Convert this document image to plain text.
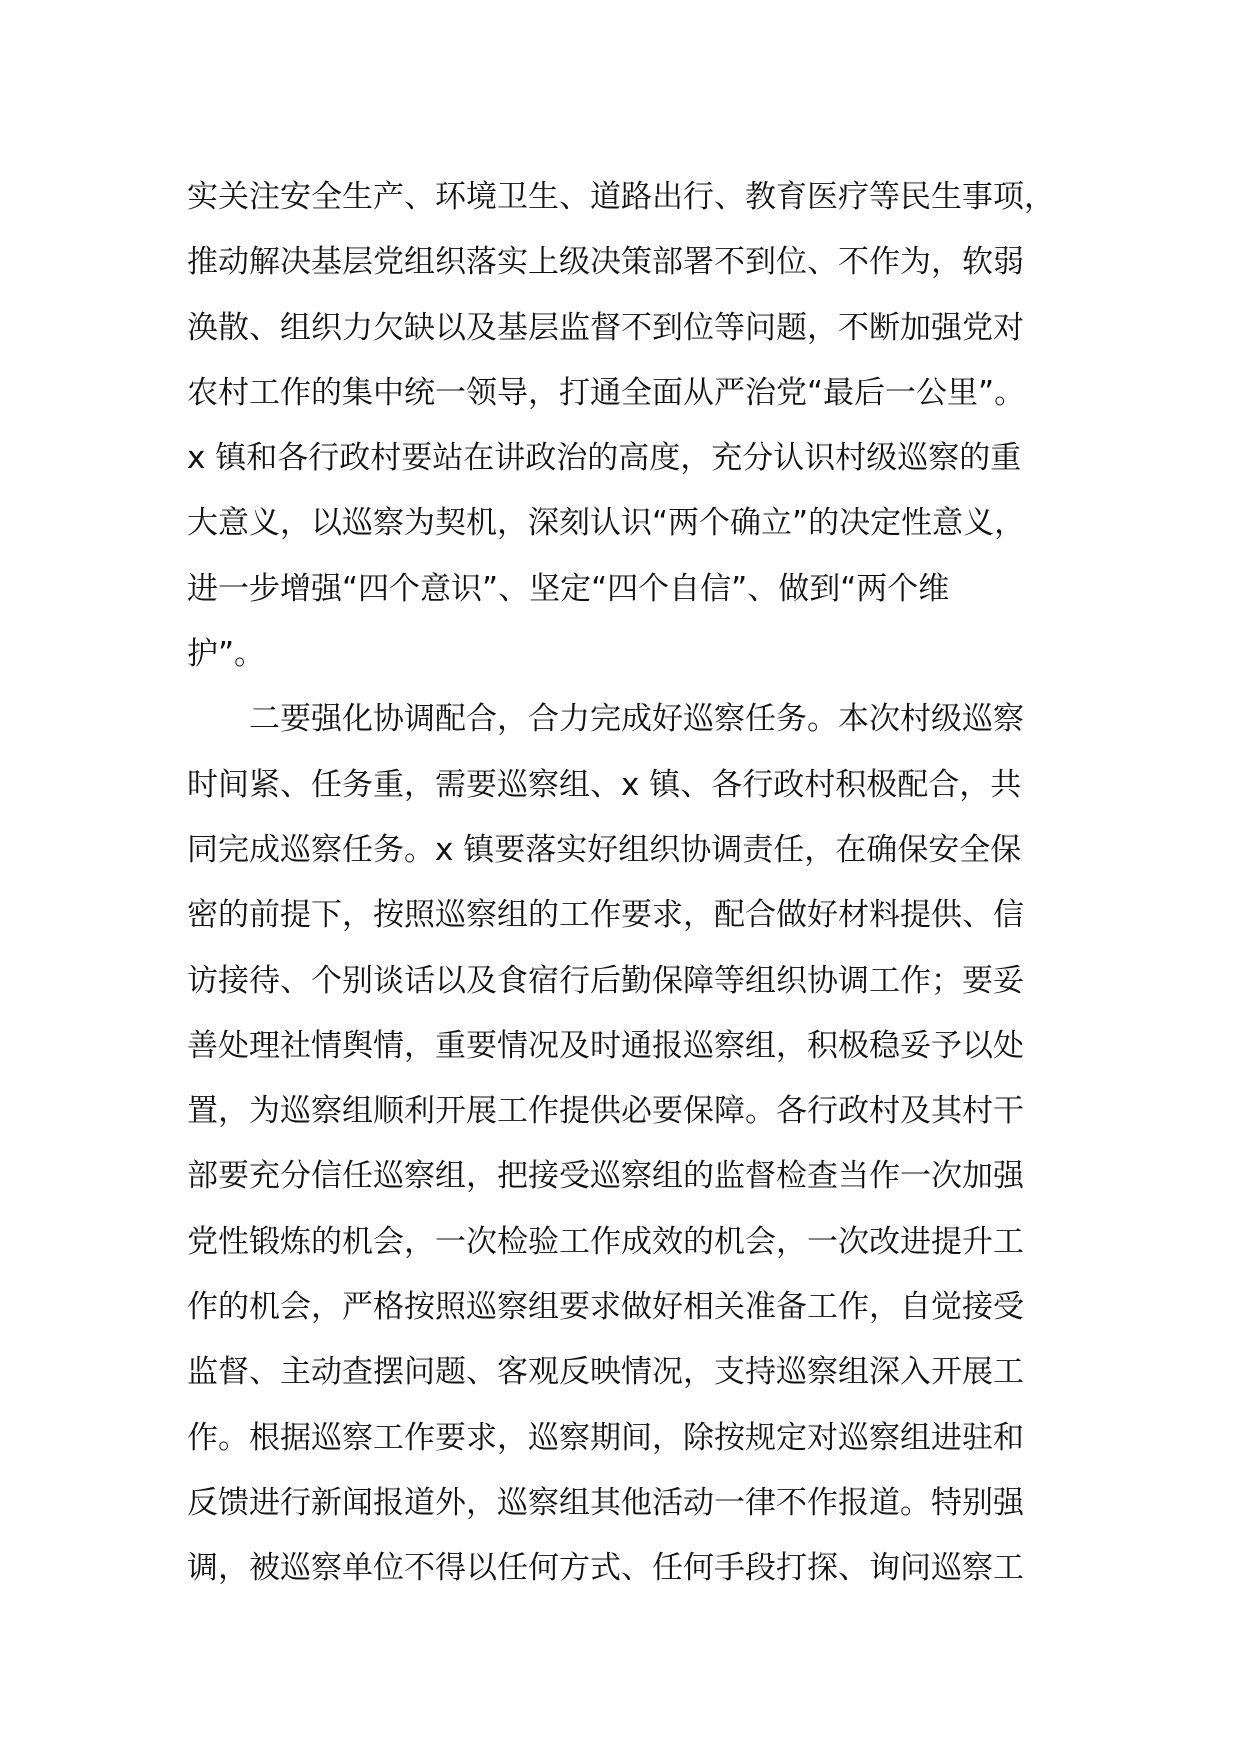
实关注安全生产、环境卫生、道路出行、教育医疗等民生事项，
推动解决基层党组织落实上级决策部署不到位、不作为，软弱
涣散、组织力欠缺以及基层监督不到位等问题，不断加强党对
农村工作的集中统一领导，打通全面从严治党“最后一公里”。
x 镇和各行政村要站在讲政治的高度，充分认识村级巡察的重
大意义，以巡察为契机，深刻认识“两个确立”的决定性意义，
进一步增强“四个意识”、坚定“四个自信”、做到“两个维
护”。
　　二要强化协调配合，合力完成好巡察任务。本次村级巡察
时间紧、任务重，需要巡察组、x 镇、各行政村积极配合，共
同完成巡察任务。x 镇要落实好组织协调责任，在确保安全保
密的前提下，按照巡察组的工作要求，配合做好材料提供、信
访接待、个别谈话以及食宿行后勤保障等组织协调工作；要妥
善处理社情舆情，重要情况及时通报巡察组，积极稳妥予以处
置，为巡察组顺利开展工作提供必要保障。各行政村及其村干
部要充分信任巡察组，把接受巡察组的监督检查当作一次加强
党性锻炼的机会，一次检验工作成效的机会，一次改进提升工
作的机会，严格按照巡察组要求做好相关准备工作，自觉接受
监督、主动查摆问题、客观反映情况，支持巡察组深入开展工
作。根据巡察工作要求，巡察期间，除按规定对巡察组进驻和
反馈进行新闻报道外，巡察组其他活动一律不作报道。特别强
调，被巡察单位不得以任何方式、任何手段打探、询问巡察工
